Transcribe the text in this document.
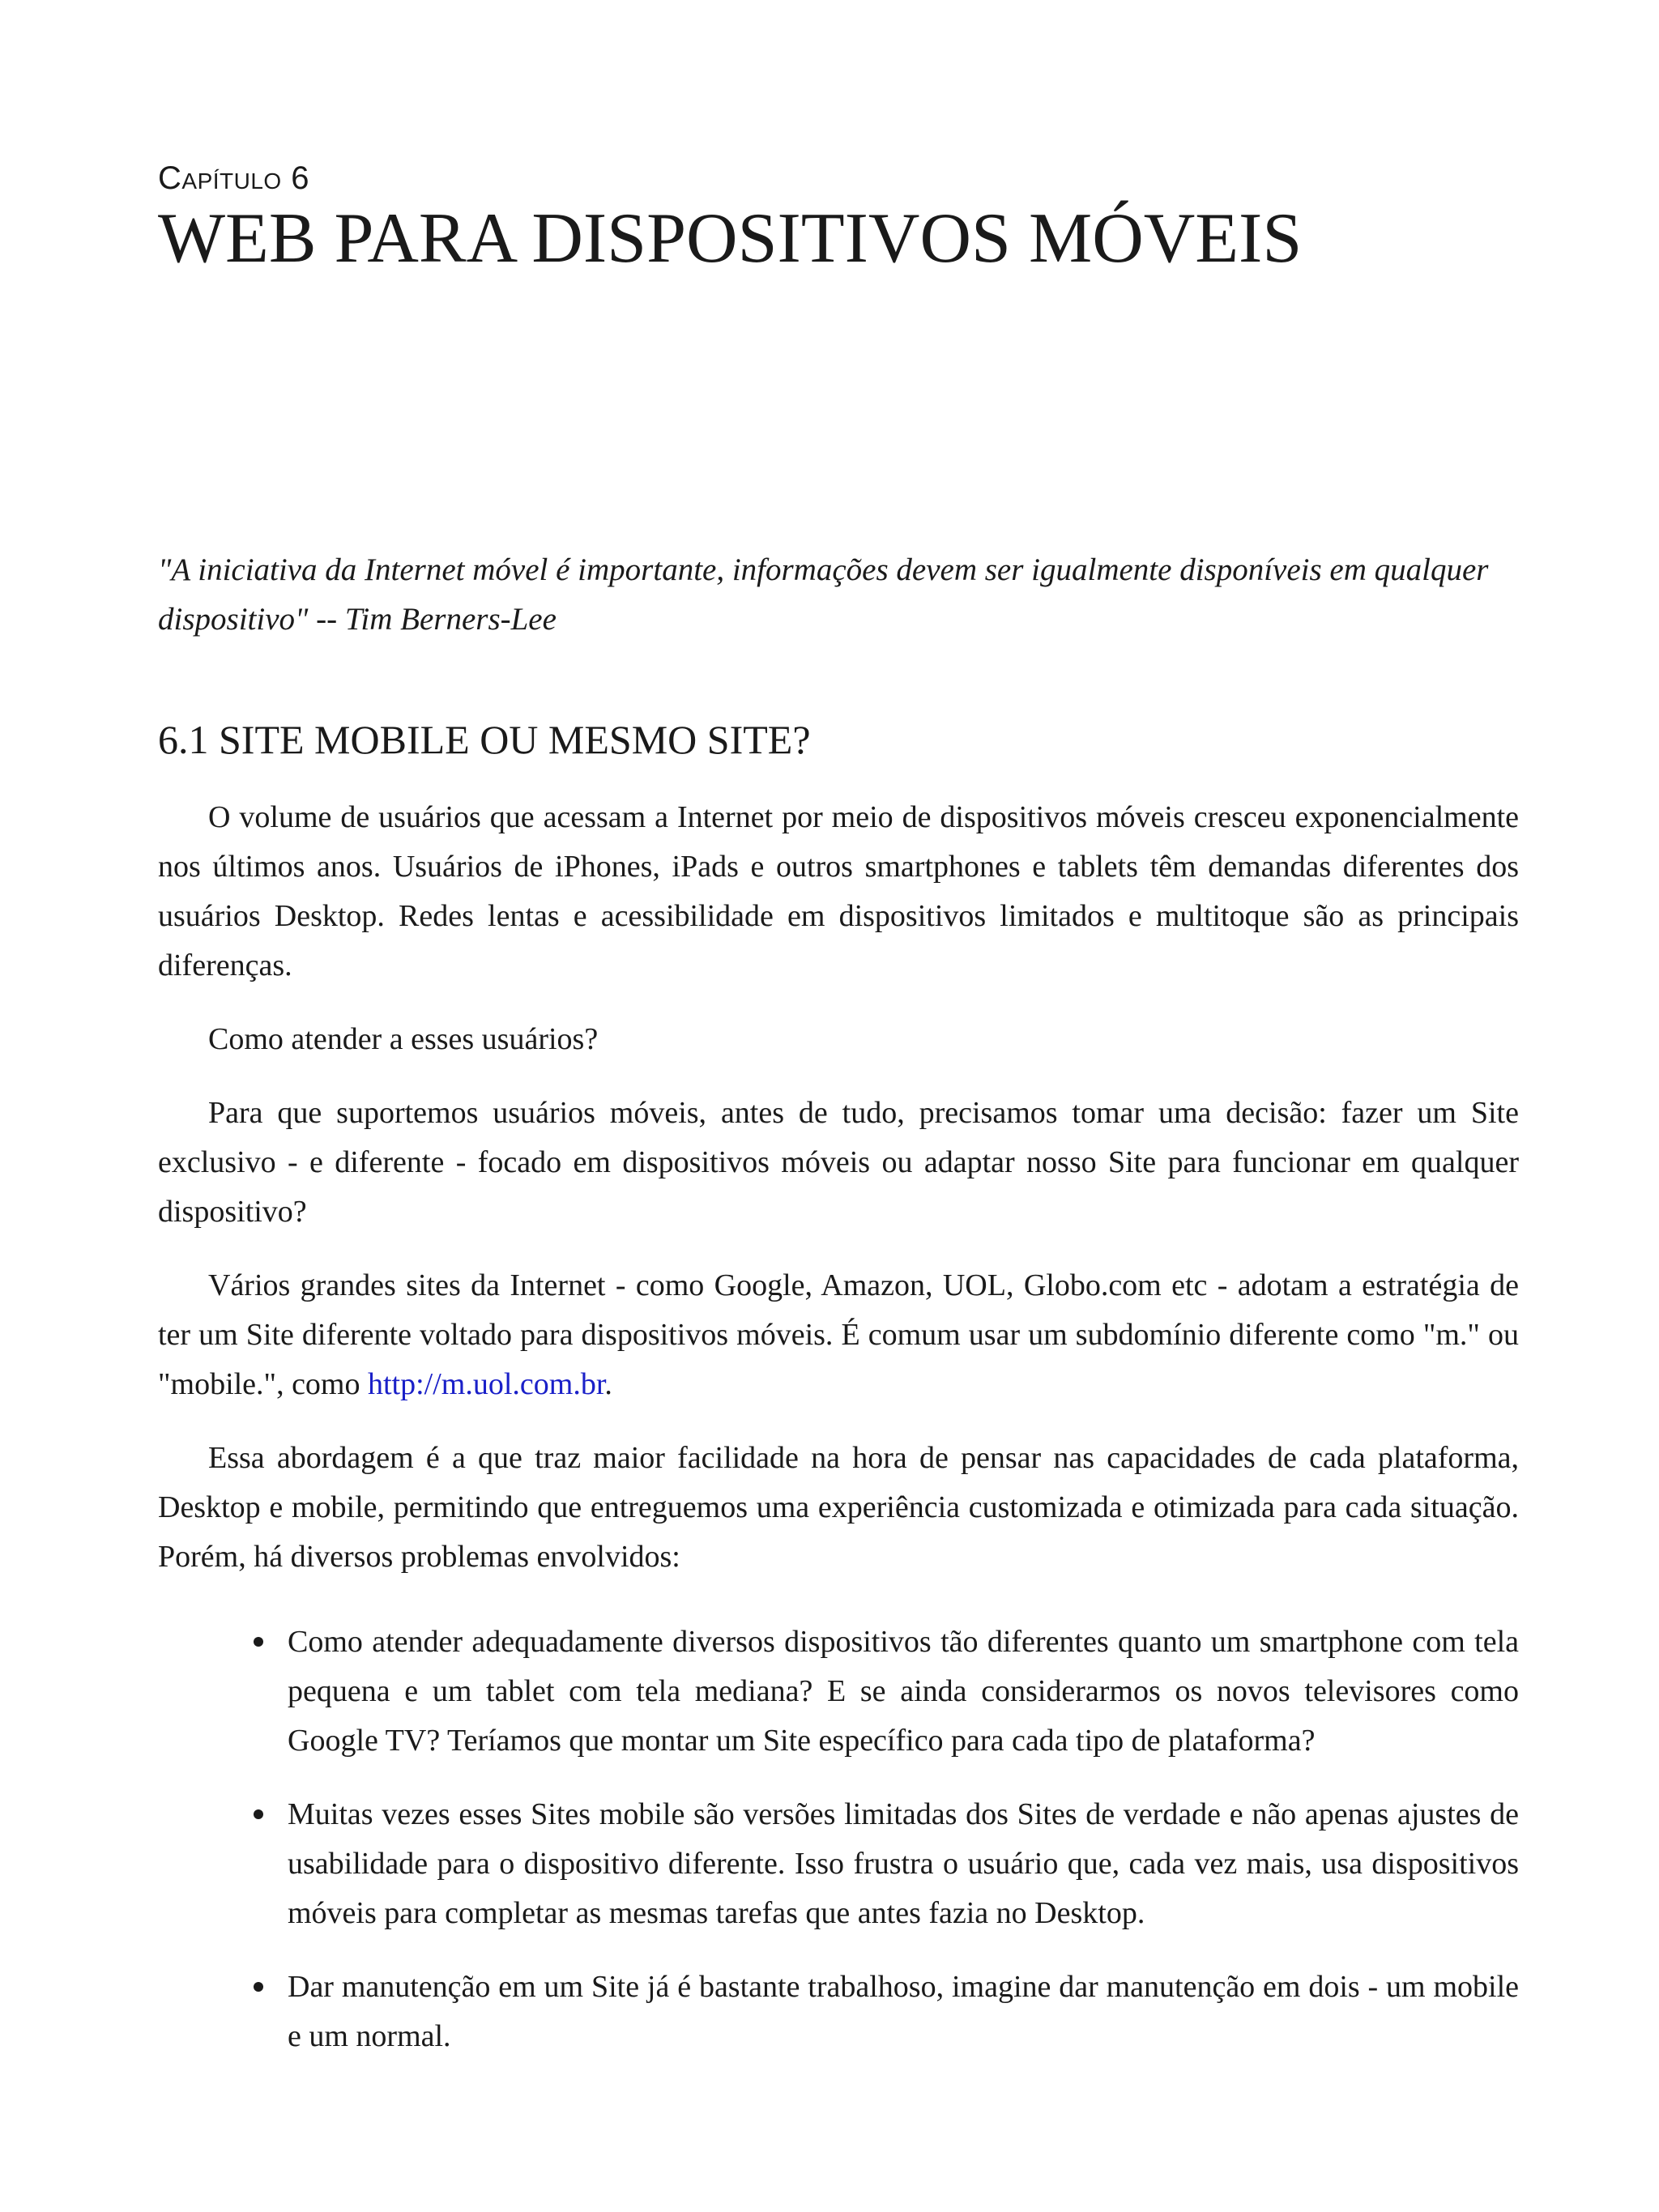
Capítulo 6
WEB PARA DISPOSITIVOS MÓVEIS
"A iniciativa da Internet móvel é importante, informações devem ser igualmente disponíveis em qualquer dispositivo" -- Tim Berners-Lee
6.1 SITE MOBILE OU MESMO SITE?

O volume de usuários que acessam a Internet por meio de dispositivos móveis cresceu exponencialmente nos últimos anos. Usuários de iPhones, iPads e outros smartphones e tablets têm demandas diferentes dos usuários Desktop. Redes lentas e acessibilidade em dispositivos limitados e multitoque são as principais diferenças.

Como atender a esses usuários?

Para que suportemos usuários móveis, antes de tudo, precisamos tomar uma decisão: fazer um Site exclusivo - e diferente - focado em dispositivos móveis ou adaptar nosso Site para funcionar em qualquer dispositivo?

Vários grandes sites da Internet - como Google, Amazon, UOL, Globo.com etc - adotam a estratégia de ter um Site diferente voltado para dispositivos móveis. É comum usar um subdomínio diferente como "m." ou "mobile.", como http://m.uol.com.br.

Essa abordagem é a que traz maior facilidade na hora de pensar nas capacidades de cada plataforma, Desktop e mobile, permitindo que entreguemos uma experiência customizada e otimizada para cada situação. Porém, há diversos problemas envolvidos:

Como atender adequadamente diversos dispositivos tão diferentes quanto um smartphone com tela pequena e um tablet com tela mediana? E se ainda considerarmos os novos televisores como Google TV? Teríamos que montar um Site específico para cada tipo de plataforma?
Muitas vezes esses Sites mobile são versões limitadas dos Sites de verdade e não apenas ajustes de usabilidade para o dispositivo diferente. Isso frustra o usuário que, cada vez mais, usa dispositivos móveis para completar as mesmas tarefas que antes fazia no Desktop.
Dar manutenção em um Site já é bastante trabalhoso, imagine dar manutenção em dois - um mobile e um normal.
